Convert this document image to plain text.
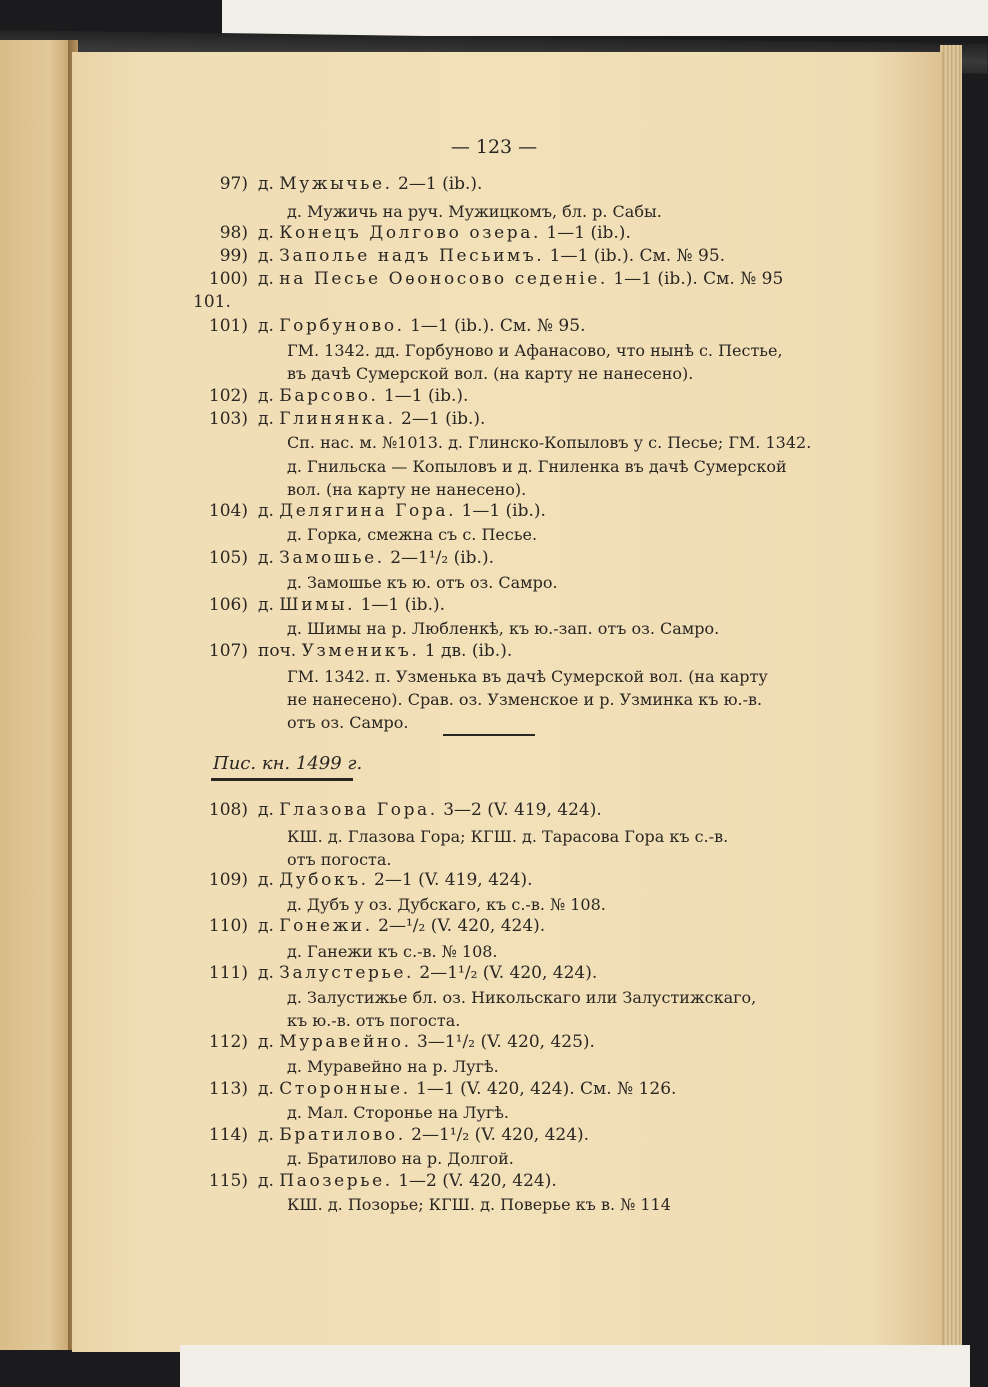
— 123 —
97) д. Мужычье. 2—1 (ib.).
д. Мужичь на руч. Мужицкомъ, бл. р. Сабы.
98) д. Конецъ Долгово озера. 1—1 (ib.).
99) д. Заполье надъ Песьимъ. 1—1 (ib.). См. № 95.
100) д. на Песье Оѳоносово седеніе. 1—1 (ib.). См. № 95
101.
101) д. Горбуново. 1—1 (ib.). См. № 95.
ГМ. 1342. дд. Горбуново и Афанасово, что нынѣ с. Пестье,
въ дачѣ Сумерской вол. (на карту не нанесено).
102) д. Барсово. 1—1 (ib.).
103) д. Глинянка. 2—1 (ib.).
Сп. нас. м. №1013. д. Глинско-Копыловъ у с. Песье; ГМ. 1342.
д. Гнильска — Копыловъ и д. Гниленка въ дачѣ Сумерской
вол. (на карту не нанесено).
104) д. Делягина Гора. 1—1 (ib.).
д. Горка, смежна съ с. Песье.
105) д. Замошье. 2—1¹/₂ (ib.).
д. Замошье къ ю. отъ оз. Самро.
106) д. Шимы. 1—1 (ib.).
д. Шимы на р. Любленкѣ, къ ю.-зап. отъ оз. Самро.
107) поч. Узменикъ. 1 дв. (ib.).
ГМ. 1342. п. Узменька въ дачѣ Сумерской вол. (на карту
не нанесено). Срав. оз. Узменское и р. Узминка къ ю.-в.
отъ оз. Самро.
108) д. Глазова Гора. 3—2 (V. 419, 424).
КШ. д. Глазова Гора; КГШ. д. Тарасова Гора къ с.-в.
отъ погоста.
109) д. Дубокъ. 2—1 (V. 419, 424).
д. Дубъ у оз. Дубскаго, къ с.-в. № 108.
110) д. Гонежи. 2—¹/₂ (V. 420, 424).
д. Ганежи къ с.-в. № 108.
111) д. Залустерье. 2—1¹/₂ (V. 420, 424).
д. Залустижье бл. оз. Никольскаго или Залустижскаго,
къ ю.-в. отъ погоста.
112) д. Муравейно. 3—1¹/₂ (V. 420, 425).
д. Муравейно на р. Лугѣ.
113) д. Сторонные. 1—1 (V. 420, 424). См. № 126.
д. Мал. Сторонье на Лугѣ.
114) д. Братилово. 2—1¹/₂ (V. 420, 424).
д. Братилово на р. Долгой.
115) д. Паозерье. 1—2 (V. 420, 424).
КШ. д. Позорье; КГШ. д. Поверье къ в. № 114
Пис. кн. 1499 г.
